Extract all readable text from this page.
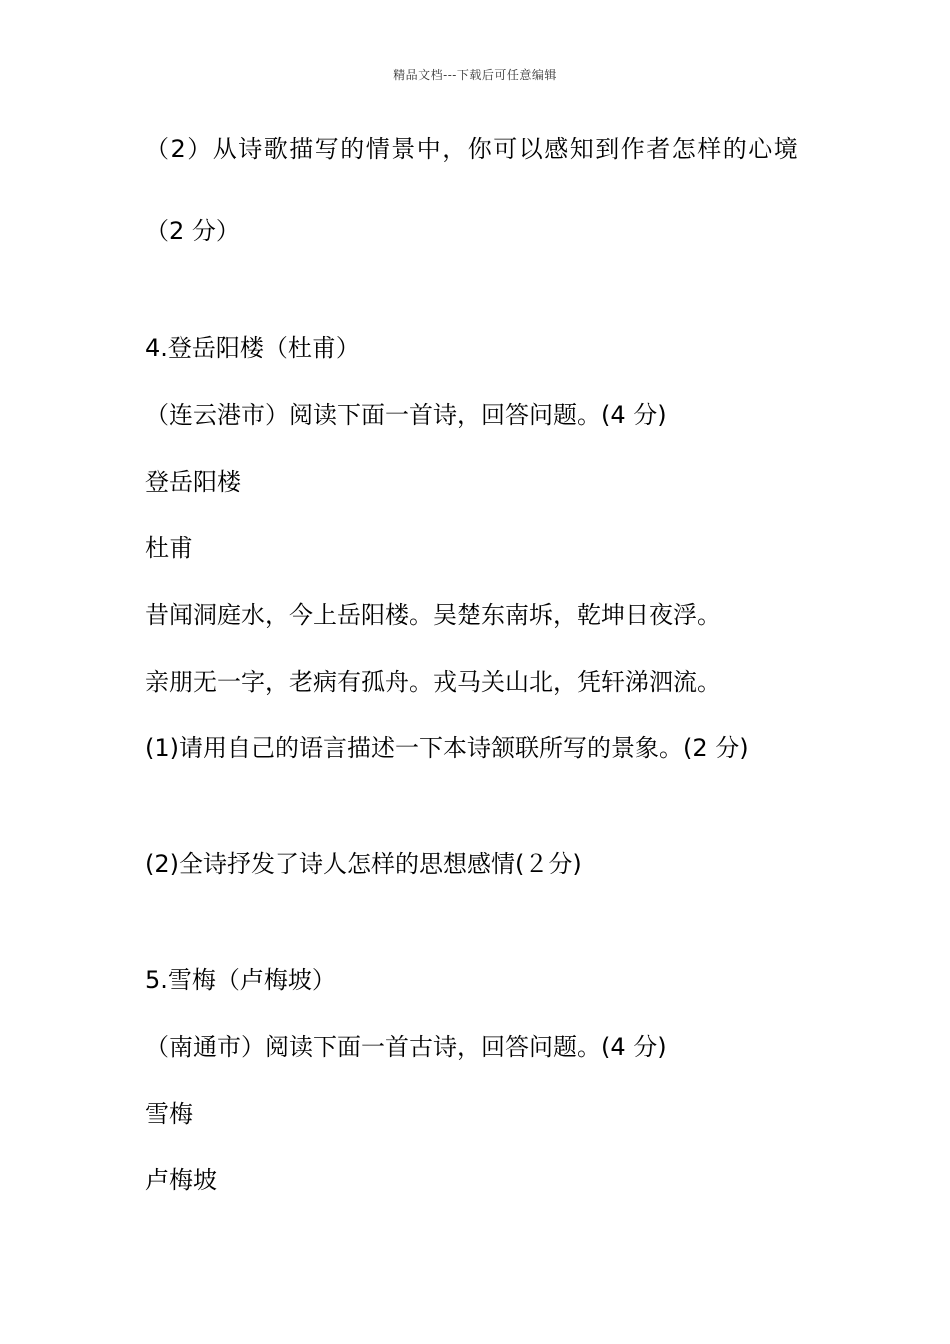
精品文档---下载后可任意编辑
（2）从诗歌描写的情景中，你可以感知到作者怎样的心境
（2 分）
4.登岳阳楼（杜甫）
（连云港市）阅读下面一首诗，回答问题。(4 分)
登岳阳楼
杜甫
昔闻洞庭水，今上岳阳楼。吴楚东南坼，乾坤日夜浮。
亲朋无一字，老病有孤舟。戎马关山北，凭轩涕泗流。
(1)请用自己的语言描述一下本诗颔联所写的景象。(2 分)
(2)全诗抒发了诗人怎样的思想感情(２分)
5.雪梅（卢梅坡）
（南通市）阅读下面一首古诗，回答问题。(4 分)
雪梅
卢梅坡
